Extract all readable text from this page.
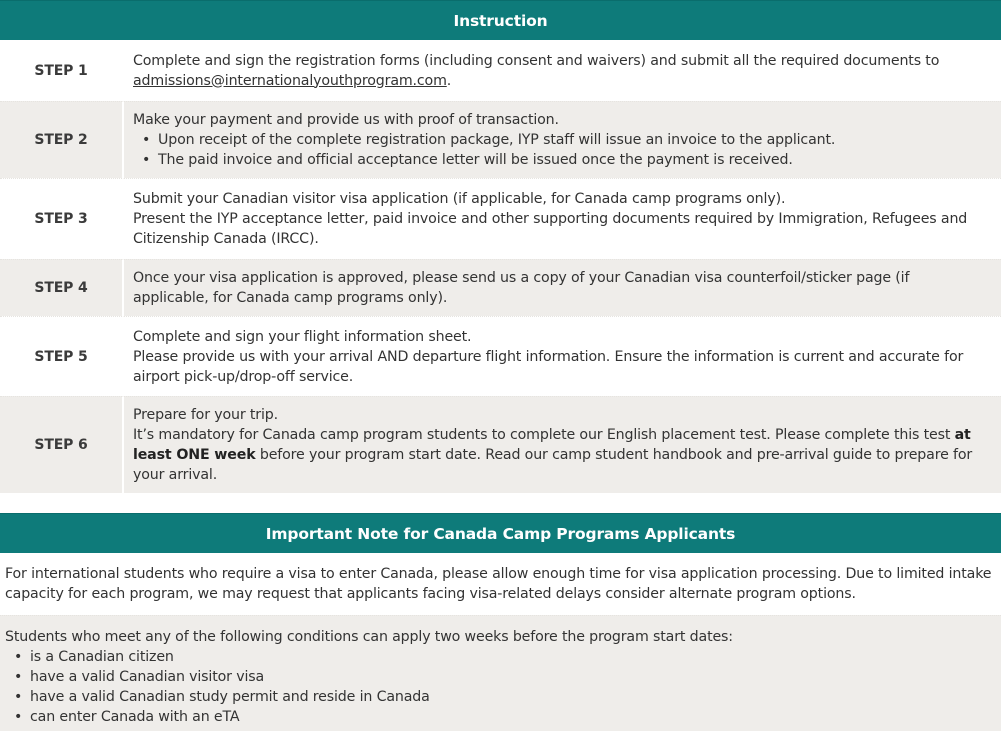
Instruction
STEP 1	Complete and sign the registration forms (including consent and waivers) and submit all the required documents to
admissions@internationalyouthprogram.com.
STEP 2	
Make your payment and provide us with proof of transaction.
• Upon receipt of the complete registration package, IYP staff will issue an invoice to the applicant.
• The paid invoice and official acceptance letter will be issued once the payment is received.

STEP 3	Submit your Canadian visitor visa application (if applicable, for Canada camp programs only).
Present the IYP acceptance letter, paid invoice and other supporting documents required by Immigration, Refugees and Citizenship Canada (IRCC).

STEP 4	Once your visa application is approved, please send us a copy of your Canadian visa counterfoil/sticker page (if applicable, for Canada camp programs only).

STEP 5	Complete and sign your flight information sheet.
Please provide us with your arrival AND departure flight information. Ensure the information is current and accurate for airport pick-up/drop-off service.

STEP 6	Prepare for your trip.
It’s mandatory for Canada camp program students to complete our English placement test. Please complete this test at least ONE week before your program start date. Read our camp student handbook and pre-arrival guide to prepare for your arrival.
Important Note for Canada Camp Programs Applicants
For international students who require a visa to enter Canada, please allow enough time for visa application processing. Due to limited intake capacity for each program, we may request that applicants facing visa-related delays consider alternate program options.
Students who meet any of the following conditions can apply two weeks before the program start dates:
• is a Canadian citizen
• have a valid Canadian visitor visa
• have a valid Canadian study permit and reside in Canada
• can enter Canada with an eTA
